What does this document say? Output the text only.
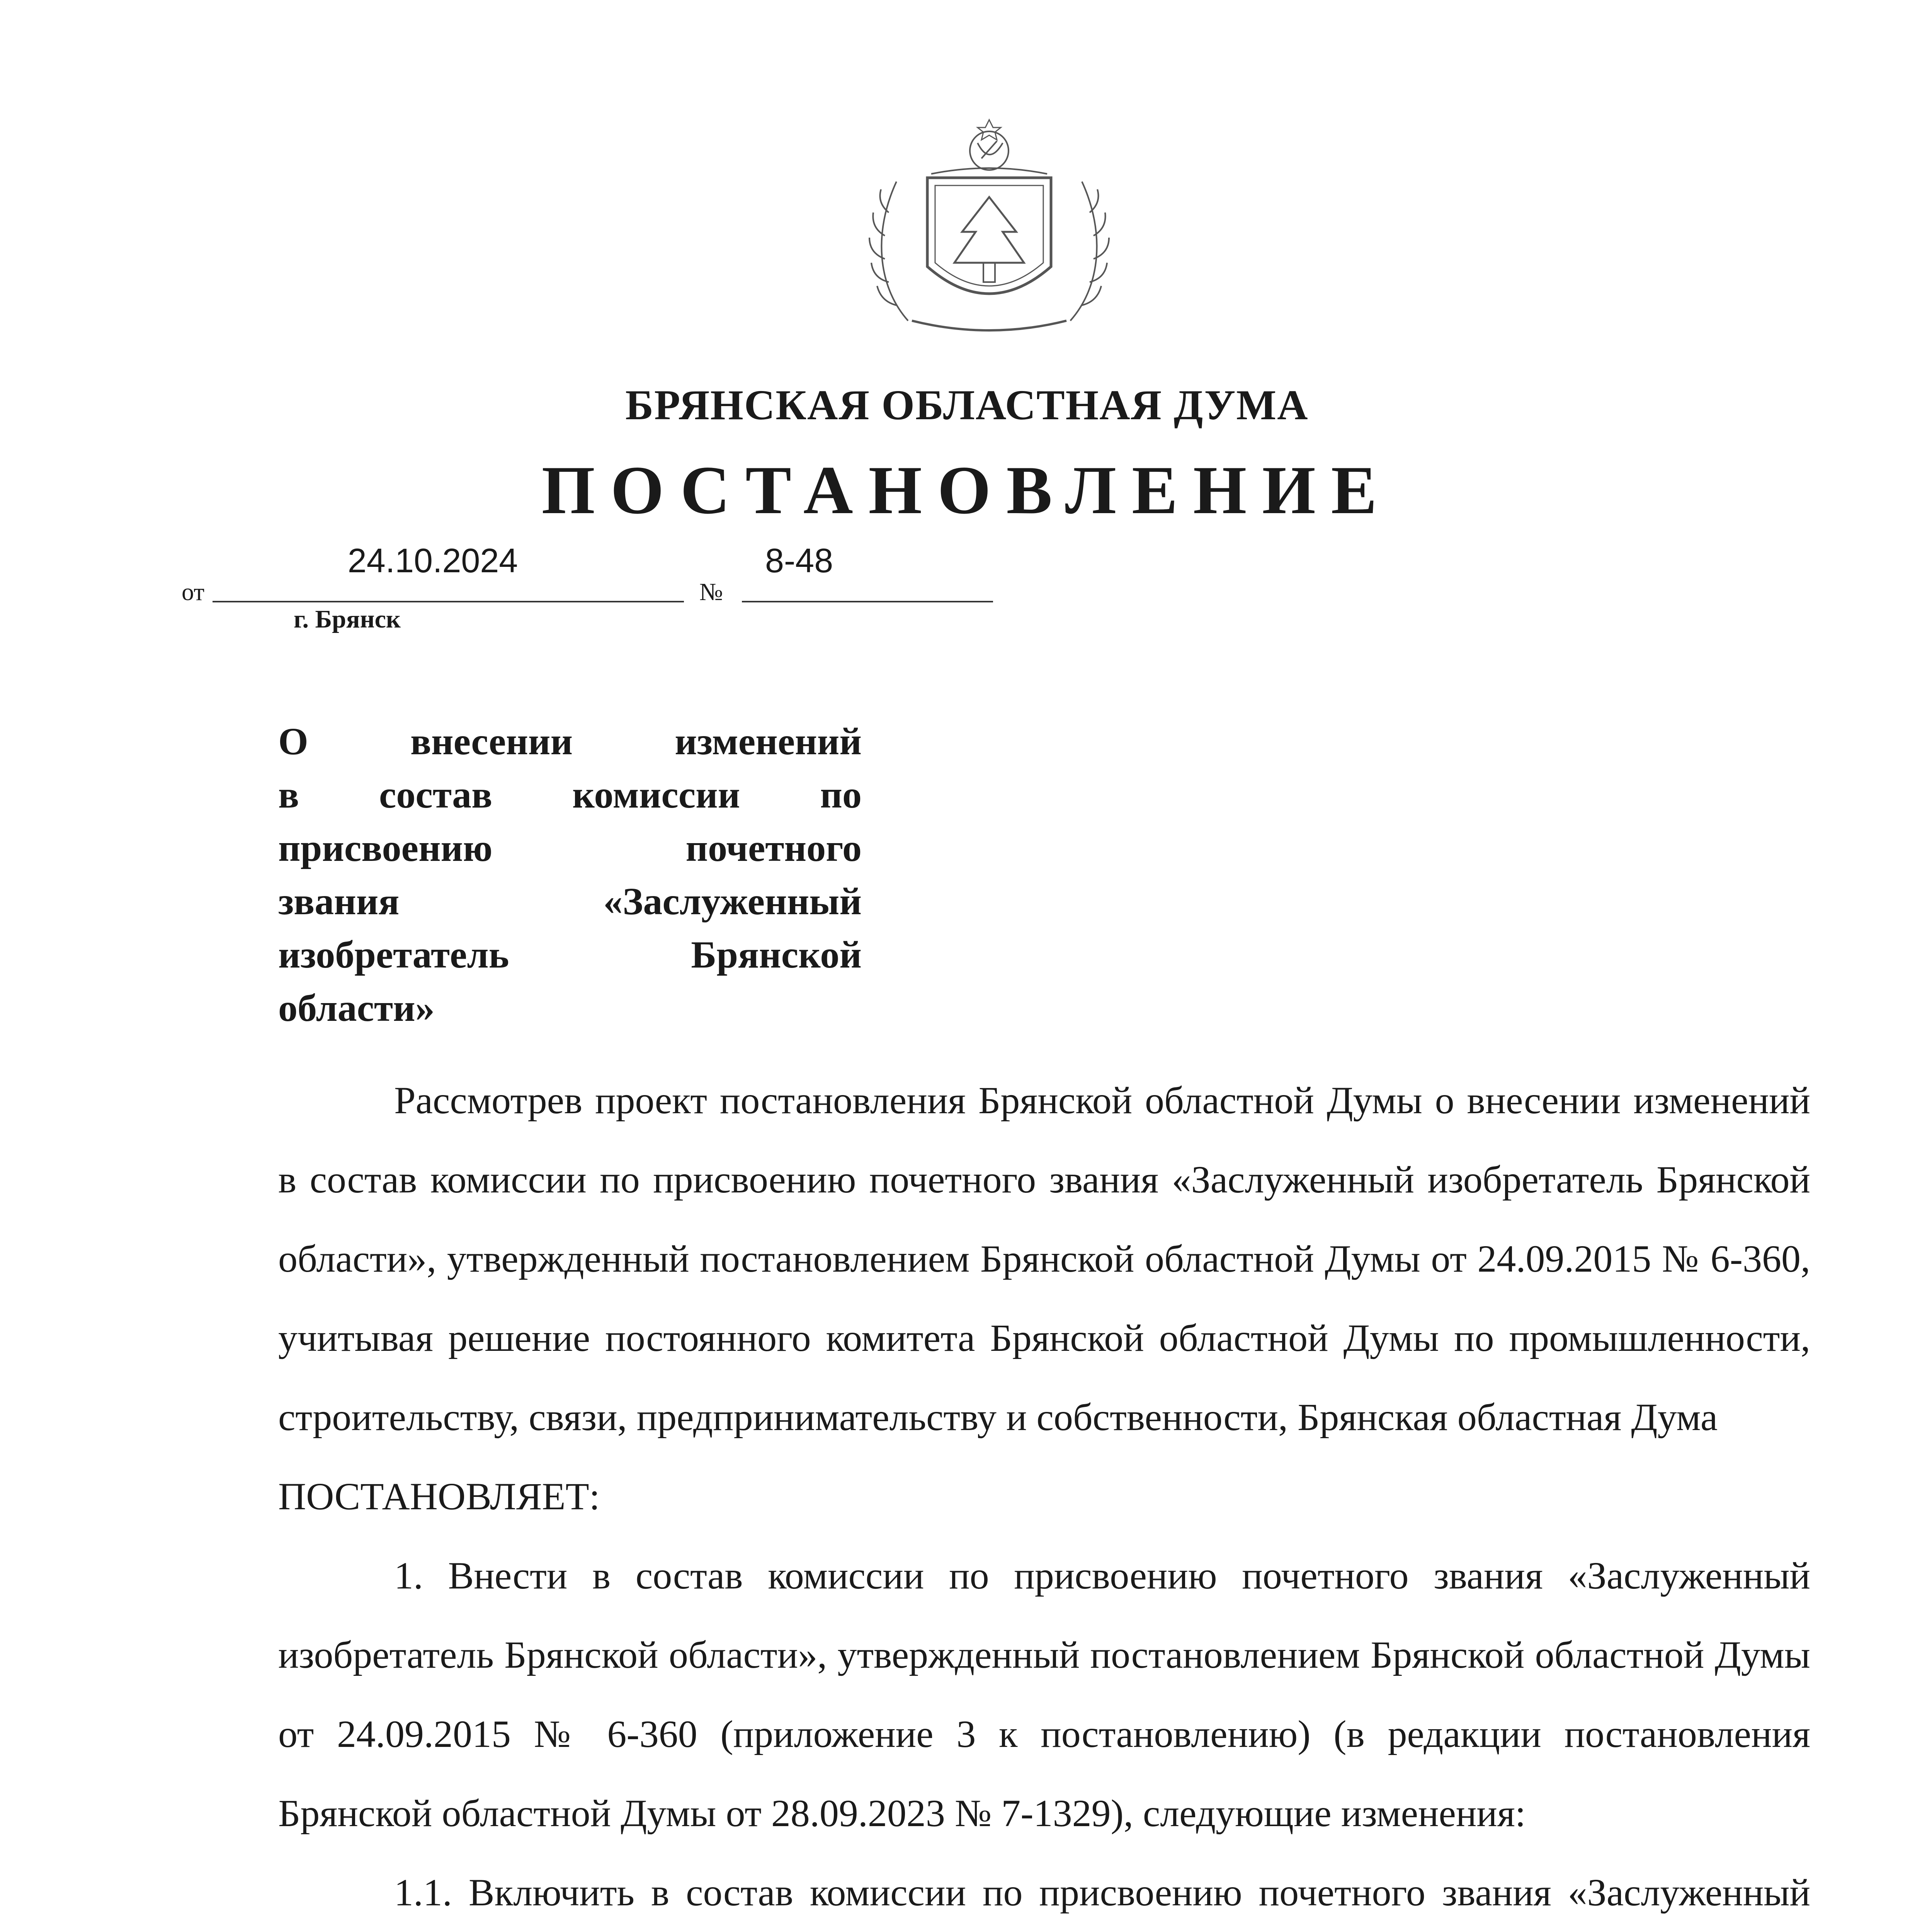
БРЯНСКАЯ ОБЛАСТНАЯ ДУМА
ПОСТАНОВЛЕНИЕ
от
24.10.2024
№
8-48
г. Брянск
О внесении изменений
в состав комиссии по
присвоению почетного
звания «Заслуженный
изобретатель Брянской
области»

Рассмотрев проект постановления Брянской областной Думы о внесении изменений в состав комиссии по присвоению почетного звания «Заслуженный изобретатель Брянской области», утвержденный постановлением Брянской областной Думы от 24.09.2015 № 6-360, учитывая решение постоянного комитета Брянской областной Думы по промышленности, строительству, связи, предпринимательству и собственности, Брянская областная Дума

ПОСТАНОВЛЯЕТ:

1. Внести в состав комиссии по присвоению почетного звания «Заслуженный изобретатель Брянской области», утвержденный постановлением Брянской областной Думы от 24.09.2015 № 6-360 (приложение 3 к постановлению) (в редакции постановления Брянской областной Думы от 28.09.2023 № 7-1329), следующие изменения:

1.1. Включить в состав комиссии по присвоению почетного звания «Заслуженный
